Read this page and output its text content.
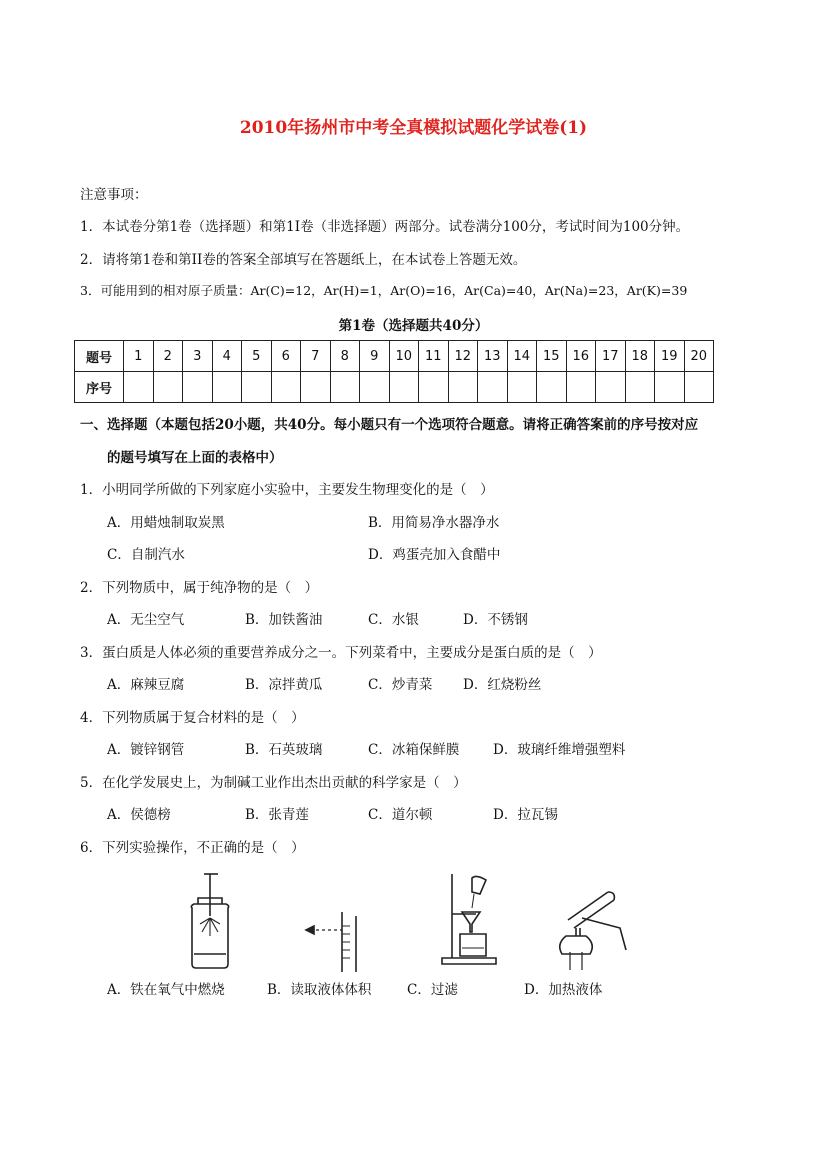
2010年扬州市中考全真模拟试题化学试卷(1)
注意事项：
1．本试卷分第1卷（选择题）和第1I卷（非选择题）两部分。试卷满分100分，考试时间为100分钟。
2．请将第1卷和第II卷的答案全部填写在答题纸上，在本试卷上答题无效。
3．可能用到的相对原子质量：Ar(C)=12，Ar(H)=1，Ar(O)=16，Ar(Ca)=40，Ar(Na)=23，Ar(K)=39
第1卷（选择题共40分）
题号	1	2	3	4	5	6	7	8	9	10	11	12	13	14	15	16	17	18	19	20
序号																				
一、选择题（本题包括20小题，共40分。每小题只有一个选项符合题意。请将正确答案前的序号按对应
的题号填写在上面的表格中）
1．小明同学所做的下列家庭小实验中，主要发生物理变化的是（　）
A．用蜡烛制取炭黑	B．用简易净水器净水
C．自制汽水	D．鸡蛋壳加入食醋中
2．下列物质中，属于纯净物的是（　）
A．无尘空气	B．加铁酱油	C．水银	D．不锈钢
3．蛋白质是人体必须的重要营养成分之一。下列菜肴中，主要成分是蛋白质的是（　）
A．麻辣豆腐	B．凉拌黄瓜	C．炒青菜 D．红烧粉丝
4．下列物质属于复合材料的是（　）
A．镀锌钢管	B．石英玻璃	C．冰箱保鲜膜 D．玻璃纤维增强塑料
5．在化学发展史上，为制碱工业作出杰出贡献的科学家是（　）
A．侯德榜	B．张青莲	C．道尔顿	D．拉瓦锡
6．下列实验操作，不正确的是（　）
A．铁在氧气中燃烧	B．读取液体体积	C．过滤	D．加热液体
